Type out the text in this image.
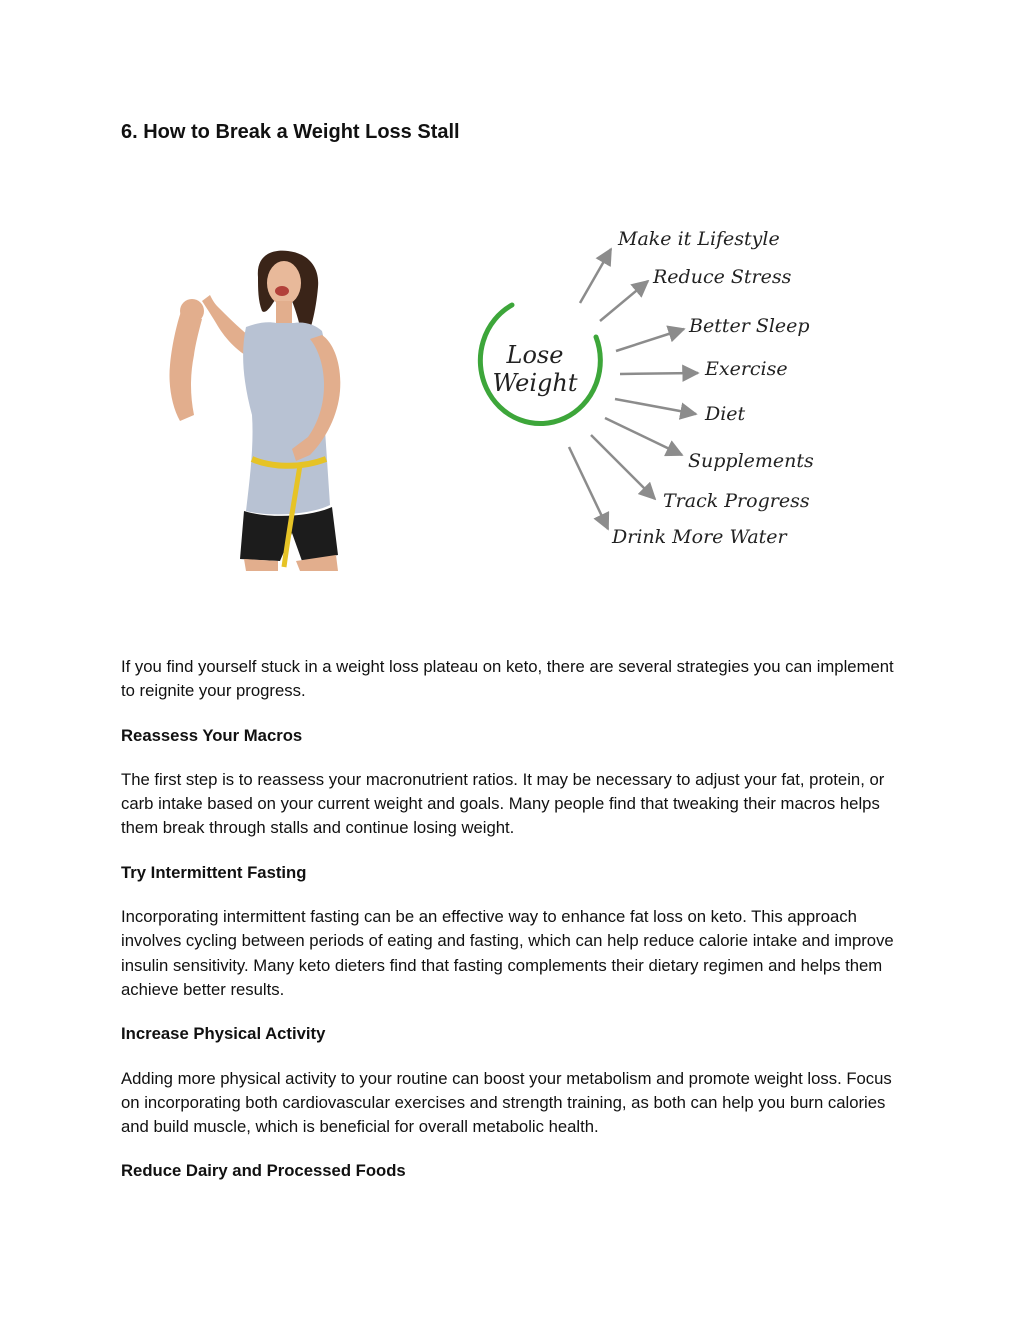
6. How to Break a Weight Loss Stall
Lose
Weight
Make it Lifestyle
Reduce Stress
Better Sleep
Exercise
Diet
Supplements
Track Progress
Drink More Water

If you find yourself stuck in a weight loss plateau on keto, there are several strategies you can implement to reignite your progress.

Reassess Your Macros

The first step is to reassess your macronutrient ratios. It may be necessary to adjust your fat, protein, or carb intake based on your current weight and goals. Many people find that tweaking their macros helps them break through stalls and continue losing weight.

Try Intermittent Fasting

Incorporating intermittent fasting can be an effective way to enhance fat loss on keto. This approach involves cycling between periods of eating and fasting, which can help reduce calorie intake and improve insulin sensitivity. Many keto dieters find that fasting complements their dietary regimen and helps them achieve better results.

Increase Physical Activity

Adding more physical activity to your routine can boost your metabolism and promote weight loss. Focus on incorporating both cardiovascular exercises and strength training, as both can help you burn calories and build muscle, which is beneficial for overall metabolic health.

Reduce Dairy and Processed Foods
